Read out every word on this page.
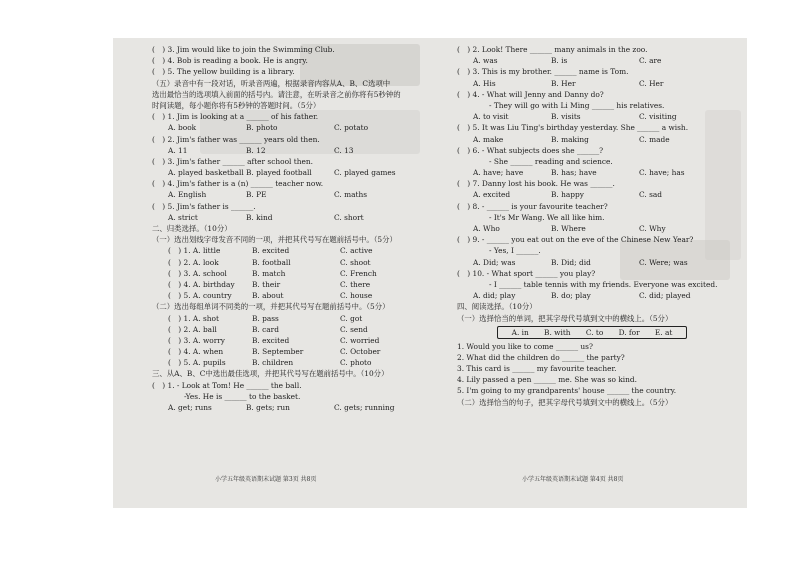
(　) 3. Jim would like to join the Swimming Club.
(　) 4. Bob is reading a book. He is angry.
(　) 5. The yellow building is a library.
（五）录音中有一段对话，听录音两遍，根据录音内容从A、B、C选项中
选出最恰当的选项填入前面的括号内。请注意，在听录音之前你将有5秒钟的
时间读题，每小题你将有5秒钟的答题时间。（5分）
(　) 1. Jim is looking at a ______ of his father.
A. book	B. photo	C. potato
(　) 2. Jim's father was ______ years old then.
A. 11	B. 12	C. 13
(　) 3. Jim's father ______ after school then.
A. played basketball B. played football	C. played games
(　) 4. Jim's father is a (n) ______ teacher now.
A. English	B. PE	C. maths
(　) 5. Jim's father is ______.
A. strict	B. kind	C. short
二、归类选择。（10分）
（一）选出划线字母发音不同的一项，并把其代号写在题前括号中。（5分）
(　) 1. A. little	B. excited	C. active
(　) 2. A. look	B. football	C. shoot
(　) 3. A. school	B. match	C. French
(　) 4. A. birthday	B. their	C. there
(　) 5. A. country	B. about	C. house
（二）选出每组单词不同类的一项，并把其代号写在题前括号中。（5分）
(　) 1. A. shot	B. pass	C. got
(　) 2. A. ball	B. card	C. send
(　) 3. A. worry	B. excited	C. worried
(　) 4. A. when	B. September	C. October
(　) 5. A. pupils	B. children	C. photo
三、从A、B、C中选出最佳选项，并把其代号写在题前括号中。（10分）
(　) 1. - Look at Tom! He ______ the ball.
-Yes. He is ______ to the basket.
A. get; runs	B. gets; run	C. gets; running
(　) 2. Look! There ______ many animals in the zoo.
A. was	B. is	C. are
(　) 3. This is my brother. ______ name is Tom.
A. His	B. Her	C. Her
(　) 4. - What will Jenny and Danny do?
- They will go with Li Ming ______ his relatives.
A. to visit	B. visits	C. visiting
(　) 5. It was Liu Ting's birthday yesterday. She ______ a wish.
A. make	B. making	C. made
(　) 6. - What subjects does she ______?
- She ______ reading and science.
A. have; have	B. has; have	C. have; has
(　) 7. Danny lost his book. He was ______.
A. excited	B. happy	C. sad
(　) 8. - ______ is your favourite teacher?
- It's Mr Wang. We all like him.
A. Who	B. Where	C. Why
(　) 9. - ______ you eat out on the eve of the Chinese New Year?
- Yes, I ______.
A. Did; was	B. Did; did	C. Were; was
(　) 10. - What sport ______ you play?
- I ______ table tennis with my friends. Everyone was excited.
A. did; play	B. do; play	C. did; played
四、阅读选择。（10分）
（一）选择恰当的单词，把其字母代号填到文中的横线上。（5分）
A. in B. with C. to D. for E. at
1. Would you like to come ______ us?
2. What did the children do ______ the party?
3. This card is ______ my favourite teacher.
4. Lily passed a pen ______ me. She was so kind.
5. I'm going to my grandparents' house ______ the country.
（二）选择恰当的句子，把其字母代号填到文中的横线上。（5分）
小学五年级英语期末试题 第3页 共8页	小学五年级英语期末试题 第4页 共8页
